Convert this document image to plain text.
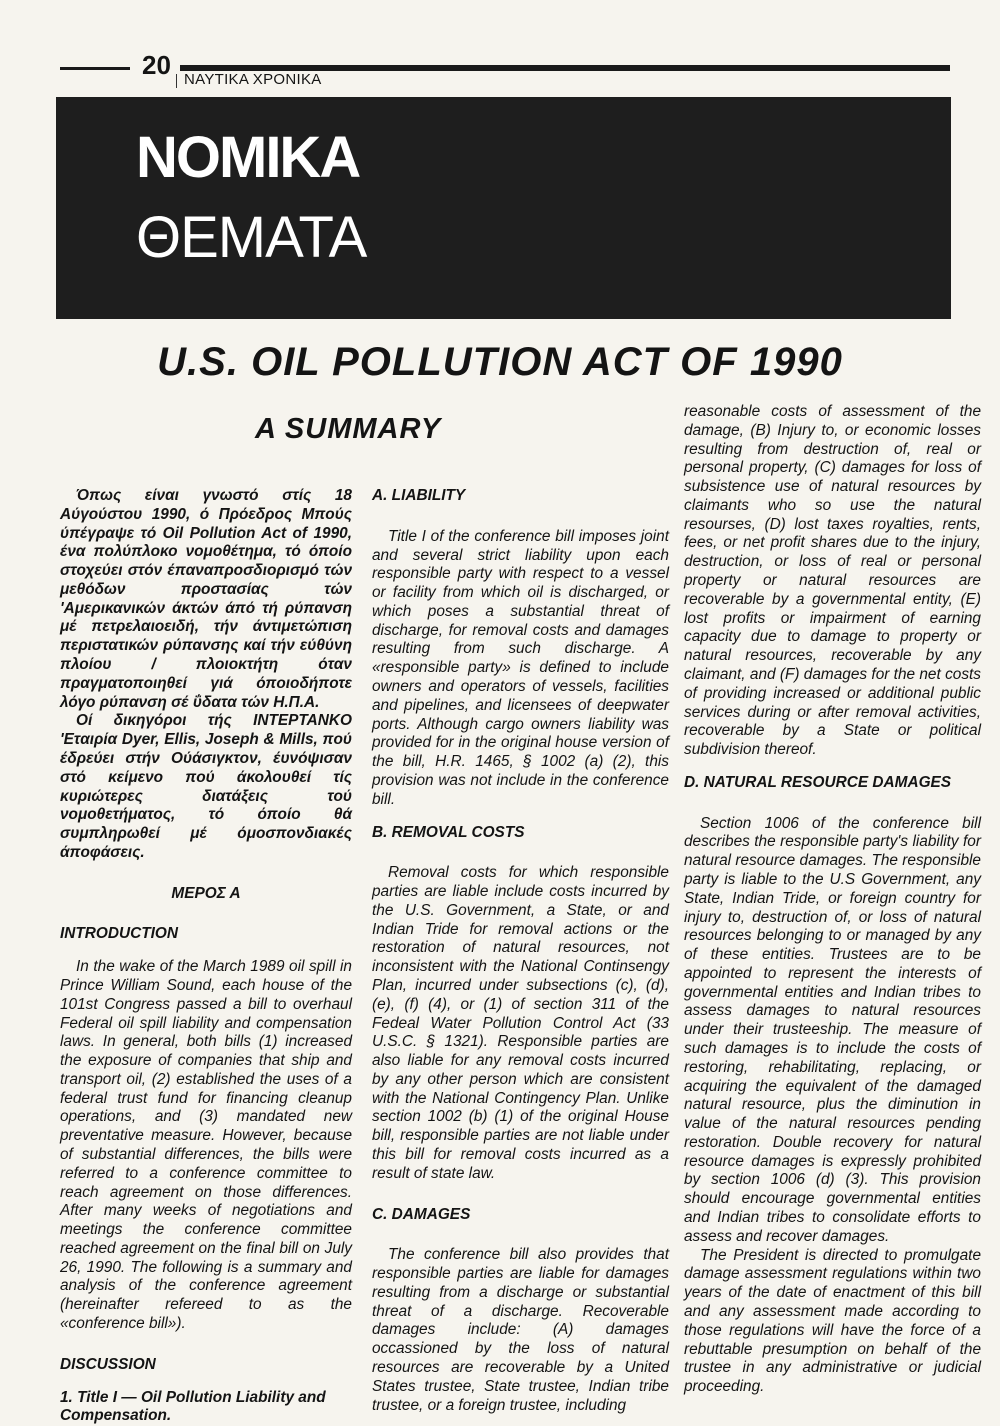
20 ΝΑΥΤΙΚΑ ΧΡΟΝΙΚΑ
ΝΟΜΙΚΑ
ΘΕΜΑΤΑ
U.S. OIL POLLUTION ACT OF 1990
A SUMMARY

Όπως είναι γνωστό στίς 18 Αύγούστου 1990, ό Πρόεδρος Μπούς ύπέγραψε τό Oil Pollution Act of 1990, ένα πολύπλοκο νομοθέτημα, τό όποίο στοχεύει στόν έπαναπροσδιορισμό τών μεθόδων προστασίας τών 'Αμερικανικών άκτών άπό τή ρύπανση μέ πετρελαιοειδή, τήν άντιμετώπιση περιστατικών ρύπανσης καί τήν εύθύνη πλοίου / πλοιοκτήτη όταν πραγματοποιηθεί γιά όποιοδήποτε λόγο ρύπανση σέ ΰδατα τών Η.Π.Α.

Οί δικηγόροι τής INTEPTANKO 'Εταιρία Dyer, Ellis, Joseph & Mills, πού έδρεύει στήν Ούάσιγκτον, έυνόψισαν στό κείμενο πού άκολουθεί τίς κυριώτερες διατάξεις τού νομοθετήματος, τό όποίο θά συμπληρωθεί μέ όμοσπονδιακές άποφάσεις.

ΜΕΡΟΣ Α

INTRODUCTION

In the wake of the March 1989 oil spill in Prince William Sound, each house of the 101st Congress passed a bill to overhaul Federal oil spill liability and compensation laws. In general, both bills (1) increased the exposure of companies that ship and transport oil, (2) established the uses of a federal trust fund for financing cleanup operations, and (3) mandated new preventative measure. However, because of substantial differences, the bills were referred to a conference committee to reach agreement on those differences. After many weeks of negotiations and meetings the conference committee reached agreement on the final bill on July 26, 1990. The following is a summary and analysis of the conference agreement (hereinafter refereed to as the «conference bill»).

DISCUSSION

1. Title I — Oil Pollution Liability and Compensation.

A. LIABILITY

Title I of the conference bill imposes joint and several strict liability upon each responsible party with respect to a vessel or facility from which oil is discharged, or which poses a substantial threat of discharge, for removal costs and damages resulting from such discharge. A «responsible party» is defined to include owners and operators of vessels, facilities and pipelines, and licensees of deepwater ports. Although cargo owners liability was provided for in the original house version of the bill, H.R. 1465, § 1002 (a) (2), this provision was not include in the conference bill.

B. REMOVAL COSTS

Removal costs for which responsible parties are liable include costs incurred by the U.S. Government, a State, or and Indian Tride for removal actions or the restoration of natural resources, not inconsistent with the National Continsengy Plan, incurred under subsections (c), (d), (e), (f) (4), or (1) of section 311 of the Fedeal Water Pollution Control Act (33 U.S.C. § 1321). Responsible parties are also liable for any removal costs incurred by any other person which are consistent with the National Contingency Plan. Unlike section 1002 (b) (1) of the original House bill, responsible parties are not liable under this bill for removal costs incurred as a result of state law.

C. DAMAGES

The conference bill also provides that responsible parties are liable for damages resulting from a discharge or substantial threat of a discharge. Recoverable damages include: (A) damages occassioned by the loss of natural resources are recoverable by a United States trustee, State trustee, Indian tribe trustee, or a foreign trustee, including

reasonable costs of assessment of the damage, (B) Injury to, or economic losses resulting from destruction of, real or personal property, (C) damages for loss of subsistence use of natural resources by claimants who so use the natural resourses, (D) lost taxes royalties, rents, fees, or net profit shares due to the injury, destruction, or loss of real or personal property or natural resources are recoverable by a governmental entity, (E) lost profits or impairment of earning capacity due to damage to property or natural resources, recoverable by any claimant, and (F) damages for the net costs of providing increased or additional public services during or after removal activities, recoverable by a State or political subdivision thereof.

D. NATURAL RESOURCE DAMAGES

Section 1006 of the conference bill describes the responsible party's liability for natural resource damages. The responsible party is liable to the U.S Government, any State, Indian Tride, or foreign country for injury to, destruction of, or loss of natural resources belonging to or managed by any of these entities. Trustees are to be appointed to represent the interests of governmental entities and Indian tribes to assess damages to natural resources under their trusteeship. The measure of such damages is to include the costs of restoring, rehabilitating, replacing, or acquiring the equivalent of the damaged natural resource, plus the diminution in value of the natural resources pending restoration. Double recovery for natural resource damages is expressly prohibited by section 1006 (d) (3). This provision should encourage governmental entities and Indian tribes to consolidate efforts to assess and recover damages.

The President is directed to promulgate damage assessment regulations within two years of the date of enactment of this bill and any assessment made according to those regulations will have the force of a rebuttable presumption on behalf of the trustee in any administrative or judicial proceeding.
